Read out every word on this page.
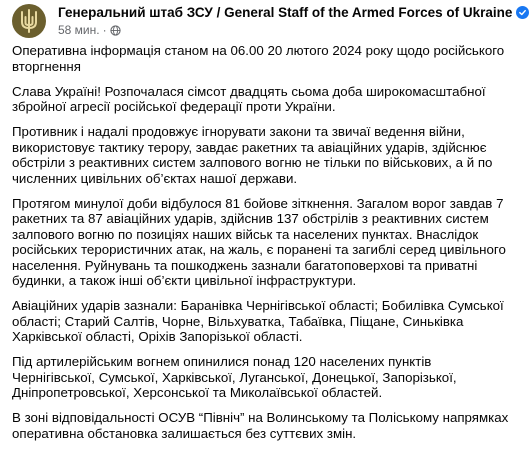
Генеральний штаб ЗСУ / General Staff of the Armed Forces of Ukraine
58 мин. ·

Оперативна інформація станом на 06.00 20 лютого 2024 року щодо російського вторгнення

Слава Україні! Розпочалася сімсот двадцять сьома доба широкомасштабної збройної агресії російської федерації проти України.

Противник і надалі продовжує ігнорувати закони та звичаї ведення війни, використовує тактику терору, завдає ракетних та авіаційних ударів, здійснює обстріли з реактивних систем залпового вогню не тільки по військових, а й по численних цивільних об’єктах нашої держави.

Протягом минулої доби відбулося 81 бойове зіткнення. Загалом ворог завдав 7 ракетних та 87 авіаційних ударів, здійснив 137 обстрілів з реактивних систем залпового вогню по позиціях наших військ та населених пунктах. Внаслідок російських терористичних атак, на жаль, є поранені та загиблі серед цивільного населення. Руйнувань та пошкоджень зазнали багатоповерхові та приватні будинки, а також інші об’єкти цивільної інфраструктури.

Авіаційних ударів зазнали: Баранівка Чернігівської області; Бобилівка Сумської області; Старий Салтів, Чорне, Вільхуватка, Табаївка, Піщане, Синьківка Харківської області, Оріхів Запорізької області.

Під артилерійським вогнем опинилися понад 120 населених пунктів Чернігівської, Сумської, Харківської, Луганської, Донецької, Запорізької, Дніпропетровської, Херсонської та Миколаївської областей.

В зоні відповідальності ОСУВ “Північ” на Волинському та Поліському напрямках оперативна обстановка залишається без суттєвих змін.
